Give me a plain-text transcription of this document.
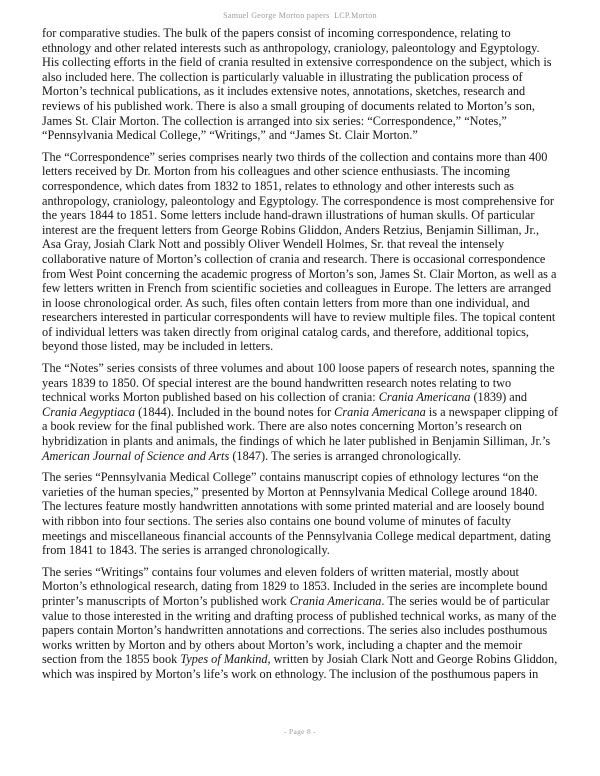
Samuel George Morton papers  LCP.Morton

for comparative studies. The bulk of the papers consist of incoming correspondence, relating to ethnology and other related interests such as anthropology, craniology, paleontology and Egyptology. His collecting efforts in the field of crania resulted in extensive correspondence on the subject, which is also included here. The collection is particularly valuable in illustrating the publication process of Morton’s technical publications, as it includes extensive notes, annotations, sketches, research and reviews of his published work. There is also a small grouping of documents related to Morton’s son, James St. Clair Morton. The collection is arranged into six series: “Correspondence,” “Notes,” “Pennsylvania Medical College,” “Writings,” and “James St. Clair Morton.”

The “Correspondence” series comprises nearly two thirds of the collection and contains more than 400 letters received by Dr. Morton from his colleagues and other science enthusiasts. The incoming correspondence, which dates from 1832 to 1851, relates to ethnology and other interests such as anthropology, craniology, paleontology and Egyptology. The correspondence is most comprehensive for the years 1844 to 1851. Some letters include hand-drawn illustrations of human skulls. Of particular interest are the frequent letters from George Robins Gliddon, Anders Retzius, Benjamin Silliman, Jr., Asa Gray, Josiah Clark Nott and possibly Oliver Wendell Holmes, Sr. that reveal the intensely collaborative nature of Morton’s collection of crania and research. There is occasional correspondence from West Point concerning the academic progress of Morton’s son, James St. Clair Morton, as well as a few letters written in French from scientific societies and colleagues in Europe. The letters are arranged in loose chronological order. As such, files often contain letters from more than one individual, and researchers interested in particular correspondents will have to review multiple files. The topical content of individual letters was taken directly from original catalog cards, and therefore, additional topics, beyond those listed, may be included in letters.

The “Notes” series consists of three volumes and about 100 loose papers of research notes, spanning the years 1839 to 1850. Of special interest are the bound handwritten research notes relating to two technical works Morton published based on his collection of crania: Crania Americana (1839) and Crania Aegyptiaca (1844). Included in the bound notes for Crania Americana is a newspaper clipping of a book review for the final published work. There are also notes concerning Morton’s research on hybridization in plants and animals, the findings of which he later published in Benjamin Silliman, Jr.’s American Journal of Science and Arts (1847). The series is arranged chronologically.

The series “Pennsylvania Medical College” contains manuscript copies of ethnology lectures “on the varieties of the human species,” presented by Morton at Pennsylvania Medical College around 1840. The lectures feature mostly handwritten annotations with some printed material and are loosely bound with ribbon into four sections. The series also contains one bound volume of minutes of faculty meetings and miscellaneous financial accounts of the Pennsylvania College medical department, dating from 1841 to 1843. The series is arranged chronologically.

The series “Writings” contains four volumes and eleven folders of written material, mostly about Morton’s ethnological research, dating from 1829 to 1853. Included in the series are incomplete bound printer’s manuscripts of Morton’s published work Crania Americana. The series would be of particular value to those interested in the writing and drafting process of published technical works, as many of the papers contain Morton’s handwritten annotations and corrections. The series also includes posthumous works written by Morton and by others about Morton’s work, including a chapter and the memoir section from the 1855 book Types of Mankind, written by Josiah Clark Nott and George Robins Gliddon, which was inspired by Morton’s life’s work on ethnology. The inclusion of the posthumous papers in

- Page 8 -
